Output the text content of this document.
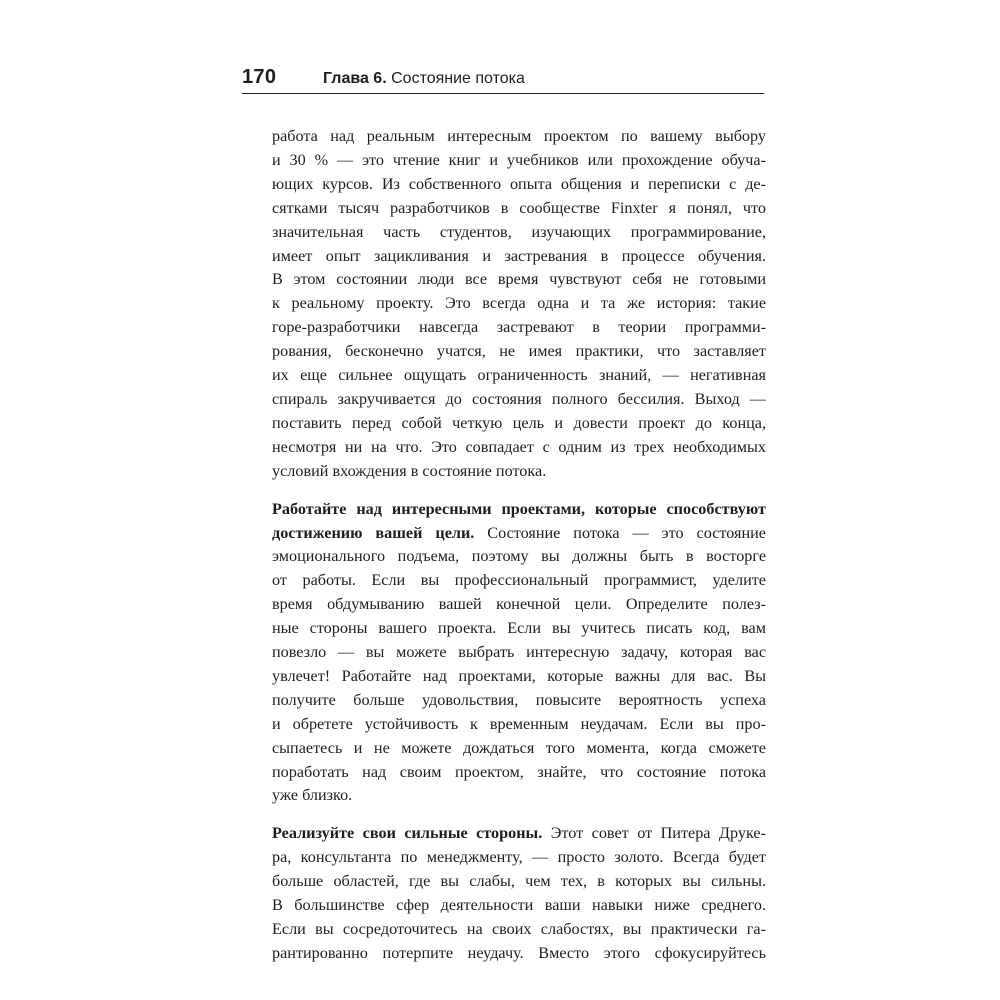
170	Глава 6. Состояние потока
работа над реальным интересным проектом по вашему выбору
и 30 % — это чтение книг и учебников или прохождение обуча-
ющих курсов. Из собственного опыта общения и переписки с де-
сятками тысяч разработчиков в сообществе Finxter я понял, что
значительная часть студентов, изучающих программирование,
имеет опыт зацикливания и застревания в процессе обучения.
В этом состоянии люди все время чувствуют себя не готовыми
к реальному проекту. Это всегда одна и та же история: такие
горе-разработчики навсегда застревают в теории программи-
рования, бесконечно учатся, не имея практики, что заставляет
их еще сильнее ощущать ограниченность знаний, — негативная
спираль закручивается до состояния полного бессилия. Выход —
поставить перед собой четкую цель и довести проект до конца,
несмотря ни на что. Это совпадает с одним из трех необходимых
условий вхождения в состояние потока.
Работайте над интересными проектами, которые способствуют
достижению вашей цели. Состояние потока — это состояние
эмоционального подъема, поэтому вы должны быть в восторге
от работы. Если вы профессиональный программист, уделите
время обдумыванию вашей конечной цели. Определите полез-
ные стороны вашего проекта. Если вы учитесь писать код, вам
повезло — вы можете выбрать интересную задачу, которая вас
увлечет! Работайте над проектами, которые важны для вас. Вы
получите больше удовольствия, повысите вероятность успеха
и обретете устойчивость к временным неудачам. Если вы про-
сыпаетесь и не можете дождаться того момента, когда сможете
поработать над своим проектом, знайте, что состояние потока
уже близко.
Реализуйте свои сильные стороны. Этот совет от Питера Друке-
ра, консультанта по менеджменту, — просто золото. Всегда будет
больше областей, где вы слабы, чем тех, в которых вы сильны.
В большинстве сфер деятельности ваши навыки ниже среднего.
Если вы сосредоточитесь на своих слабостях, вы практически га-
рантированно потерпите неудачу. Вместо этого сфокусируйтесь
